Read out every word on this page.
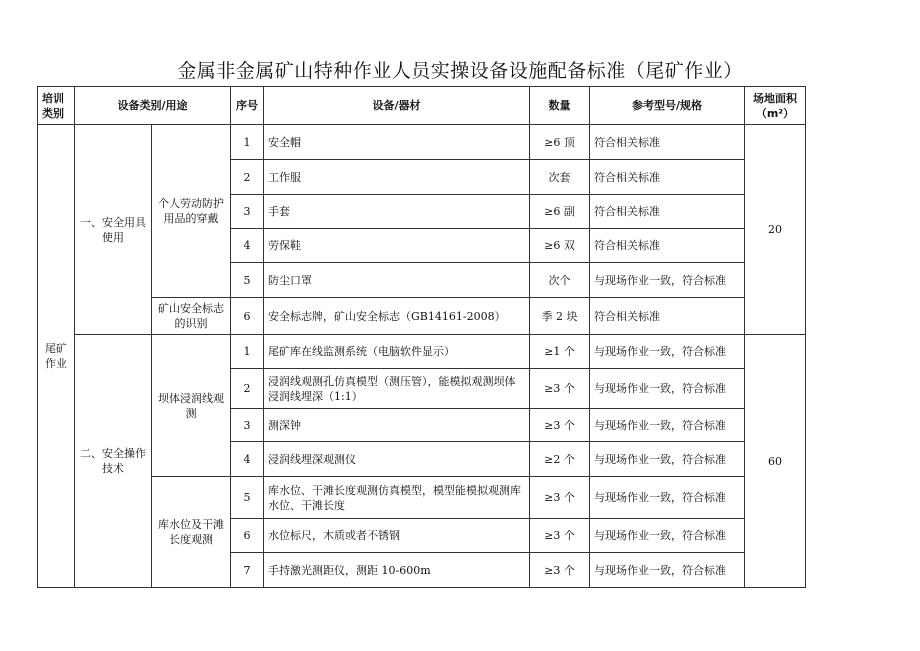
金属非金属矿山特种作业人员实操设备设施配备标准（尾矿作业）
培训类别	设备类别/用途		序号	设备/器材	数量	参考型号/规格	场地面积（m²）
尾矿作业	一、安全用具使用	个人劳动防护用品的穿戴	1	安全帽	≥6 顶	符合相关标准	20
			2	工作服	次套	符合相关标准	
			3	手套	≥6 副	符合相关标准	
			4	劳保鞋	≥6 双	符合相关标准	
			5	防尘口罩	次个	与现场作业一致，符合标准	
		矿山安全标志的识别	6	安全标志牌，矿山安全标志（GB14161-2008）	季 2 块	符合相关标准	
	二、安全操作技术	坝体浸润线观测	1	尾矿库在线监测系统（电脑软件显示）	≥1 个	与现场作业一致，符合标准	60
			2	浸润线观测孔仿真模型（测压管），能模拟观测坝体浸润线埋深（1:1）	≥3 个	与现场作业一致，符合标准	
			3	测深钟	≥3 个	与现场作业一致，符合标准	
			4	浸润线埋深观测仪	≥2 个	与现场作业一致，符合标准	
		库水位及干滩长度观测	5	库水位、干滩长度观测仿真模型，模型能模拟观测库水位、干滩长度	≥3 个	与现场作业一致，符合标准	
			6	水位标尺，木质或者不锈钢	≥3 个	与现场作业一致，符合标准	
			7	手持激光测距仪，测距 10-600m	≥3 个	与现场作业一致，符合标准	
